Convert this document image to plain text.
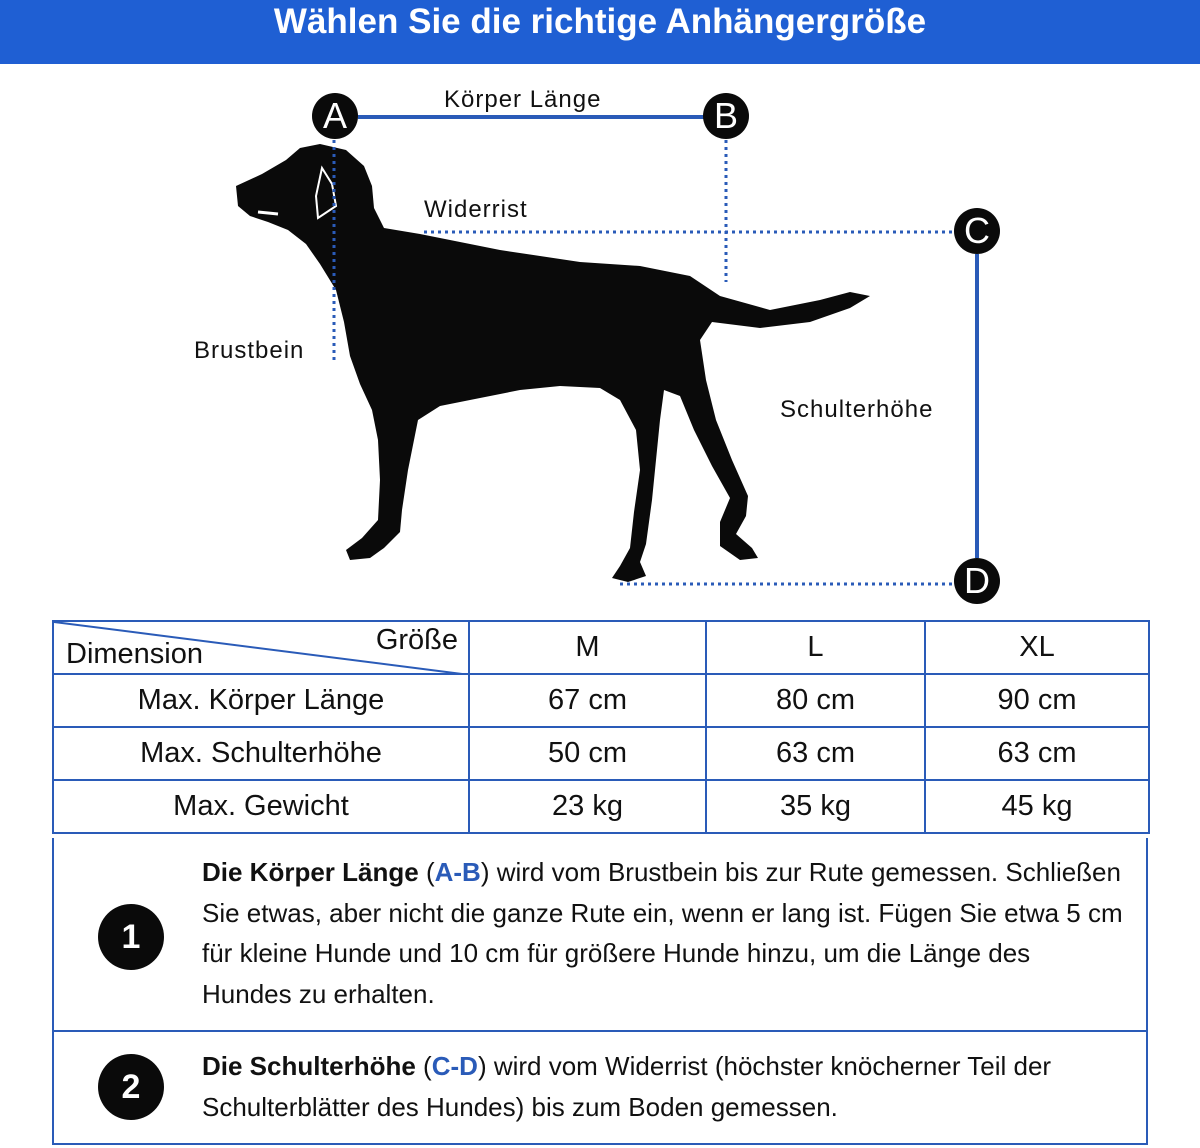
Wählen Sie die richtige Anhängergröße
Körper Länge
Widerrist
Brustbein
Schulterhöhe
A	B
C
D
Größe
Dimension	M	L	XL
Max. Körper Länge	67 cm	80 cm	90 cm
Max. Schulterhöhe	50 cm	63 cm	63 cm
Max. Gewicht	23 kg	35 kg	45 kg
1
Die Körper Länge (A-B) wird vom Brustbein bis zur Rute gemessen. Schließen Sie etwas, aber nicht die ganze Rute ein, wenn er lang ist. Fügen Sie etwa 5 cm für kleine Hunde und 10 cm für größere Hunde hinzu, um die Länge des Hundes zu erhalten.
2
Die Schulterhöhe (C-D) wird vom Widerrist (höchster knöcherner Teil der Schulterblätter des Hundes) bis zum Boden gemessen.
